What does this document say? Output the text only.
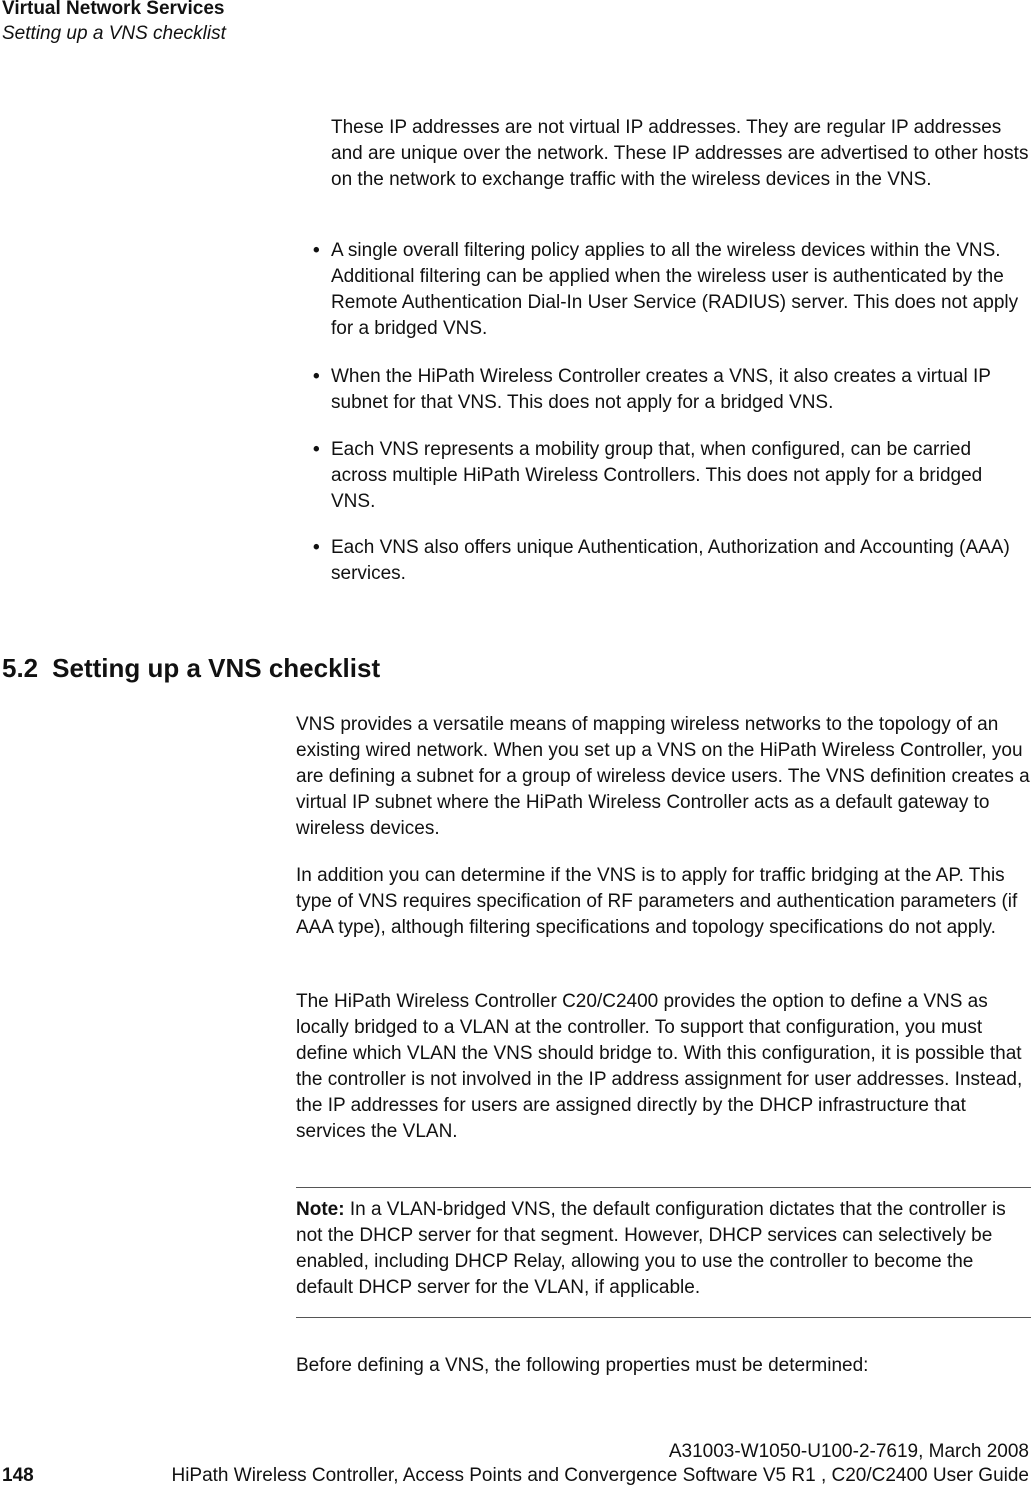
Virtual Network Services
Setting up a VNS checklist

These IP addresses are not virtual IP addresses. They are regular IP addresses and are unique over the network. These IP addresses are advertised to other hosts on the network to exchange traffic with the wireless devices in the VNS.

• A single overall filtering policy applies to all the wireless devices within the VNS. Additional filtering can be applied when the wireless user is authenticated by the Remote Authentication Dial-In User Service (RADIUS) server. This does not apply for a bridged VNS.
• When the HiPath Wireless Controller creates a VNS, it also creates a virtual IP subnet for that VNS. This does not apply for a bridged VNS.
• Each VNS represents a mobility group that, when configured, can be carried across multiple HiPath Wireless Controllers. This does not apply for a bridged VNS.
• Each VNS also offers unique Authentication, Authorization and Accounting (AAA) services.
5.2 Setting up a VNS checklist

VNS provides a versatile means of mapping wireless networks to the topology of an existing wired network. When you set up a VNS on the HiPath Wireless Controller, you are defining a subnet for a group of wireless device users. The VNS definition creates a virtual IP subnet where the HiPath Wireless Controller acts as a default gateway to wireless devices.

In addition you can determine if the VNS is to apply for traffic bridging at the AP. This type of VNS requires specification of RF parameters and authentication parameters (if AAA type), although filtering specifications and topology specifications do not apply.

The HiPath Wireless Controller C20/C2400 provides the option to define a VNS as locally bridged to a VLAN at the controller. To support that configuration, you must define which VLAN the VNS should bridge to. With this configuration, it is possible that the controller is not involved in the IP address assignment for user addresses. Instead, the IP addresses for users are assigned directly by the DHCP infrastructure that services the VLAN.

Note: In a VLAN-bridged VNS, the default configuration dictates that the controller is not the DHCP server for that segment. However, DHCP services can selectively be enabled, including DHCP Relay, allowing you to use the controller to become the default DHCP server for the VLAN, if applicable.

Before defining a VNS, the following properties must be determined:

A31003-W1050-U100-2-7619, March 2008
148	HiPath Wireless Controller, Access Points and Convergence Software V5 R1 , C20/C2400 User Guide
